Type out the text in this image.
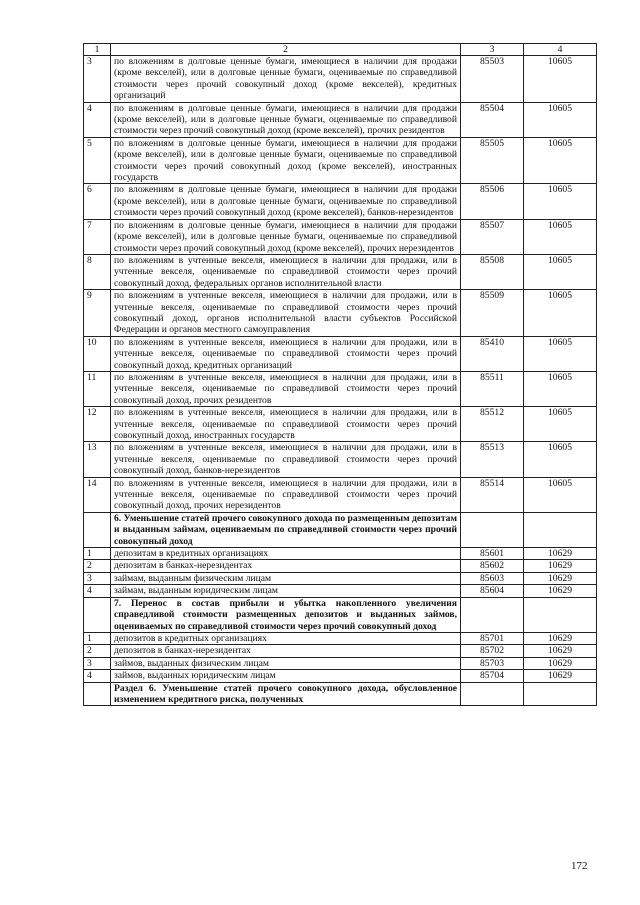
1	2	3	4
3	по вложениям в долговые ценные бумаги, имеющиеся в наличии для продажи (кроме векселей), или в долговые ценные бумаги, оцениваемые по справедливой стоимости через прочий совокупный доход (кроме векселей), кредитных организаций	85503	10605
4	по вложениям в долговые ценные бумаги, имеющиеся в наличии для продажи (кроме векселей), или в долговые ценные бумаги, оцениваемые по справедливой стоимости через прочий совокупный доход (кроме векселей), прочих резидентов	85504	10605
5	по вложениям в долговые ценные бумаги, имеющиеся в наличии для продажи (кроме векселей), или в долговые ценные бумаги, оцениваемые по справедливой стоимости через прочий совокупный доход (кроме векселей), иностранных государств	85505	10605
6	по вложениям в долговые ценные бумаги, имеющиеся в наличии для продажи (кроме векселей), или в долговые ценные бумаги, оцениваемые по справедливой стоимости через прочий совокупный доход (кроме векселей), банков-нерезидентов	85506	10605
7	по вложениям в долговые ценные бумаги, имеющиеся в наличии для продажи (кроме векселей), или в долговые ценные бумаги, оцениваемые по справедливой стоимости через прочий совокупный доход (кроме векселей), прочих нерезидентов	85507	10605
8	по вложениям в учтенные векселя, имеющиеся в наличии для продажи, или в учтенные векселя, оцениваемые по справедливой стоимости через прочий совокупный доход, федеральных органов исполнительной власти	85508	10605
9	по вложениям в учтенные векселя, имеющиеся в наличии для продажи, или в учтенные векселя, оцениваемые по справедливой стоимости через прочий совокупный доход, органов исполнительной власти субъектов Российской Федерации и органов местного самоуправления	85509	10605
10	по вложениям в учтенные векселя, имеющиеся в наличии для продажи, или в учтенные векселя, оцениваемые по справедливой стоимости через прочий совокупный доход, кредитных организаций	85410	10605
11	по вложениям в учтенные векселя, имеющиеся в наличии для продажи, или в учтенные векселя, оцениваемые по справедливой стоимости через прочий совокупный доход, прочих резидентов	85511	10605
12	по вложениям в учтенные векселя, имеющиеся в наличии для продажи, или в учтенные векселя, оцениваемые по справедливой стоимости через прочий совокупный доход, иностранных государств	85512	10605
13	по вложениям в учтенные векселя, имеющиеся в наличии для продажи, или в учтенные векселя, оцениваемые по справедливой стоимости через прочий совокупный доход, банков-нерезидентов	85513	10605
14	по вложениям в учтенные векселя, имеющиеся в наличии для продажи, или в учтенные векселя, оцениваемые по справедливой стоимости через прочий совокупный доход, прочих нерезидентов	85514	10605
	6. Уменьшение статей прочего совокупного дохода по размещенным депозитам и выданным займам, оцениваемым по справедливой стоимости через прочий совокупный доход		
1	депозитам в кредитных организациях	85601	10629
2	депозитам в банках-нерезидентах	85602	10629
3	займам, выданным физическим лицам	85603	10629
4	займам, выданным юридическим лицам	85604	10629
	7. Перенос в состав прибыли и убытка накопленного увеличения справедливой стоимости размещенных депозитов и выданных займов, оцениваемых по справедливой стоимости через прочий совокупный доход		
1	депозитов в кредитных организациях	85701	10629
2	депозитов в банках-нерезидентах	85702	10629
3	займов, выданных физическим лицам	85703	10629
4	займов, выданных юридическим лицам	85704	10629
	Раздел 6. Уменьшение статей прочего совокупного дохода, обусловленное изменением кредитного риска, полученных		
172
